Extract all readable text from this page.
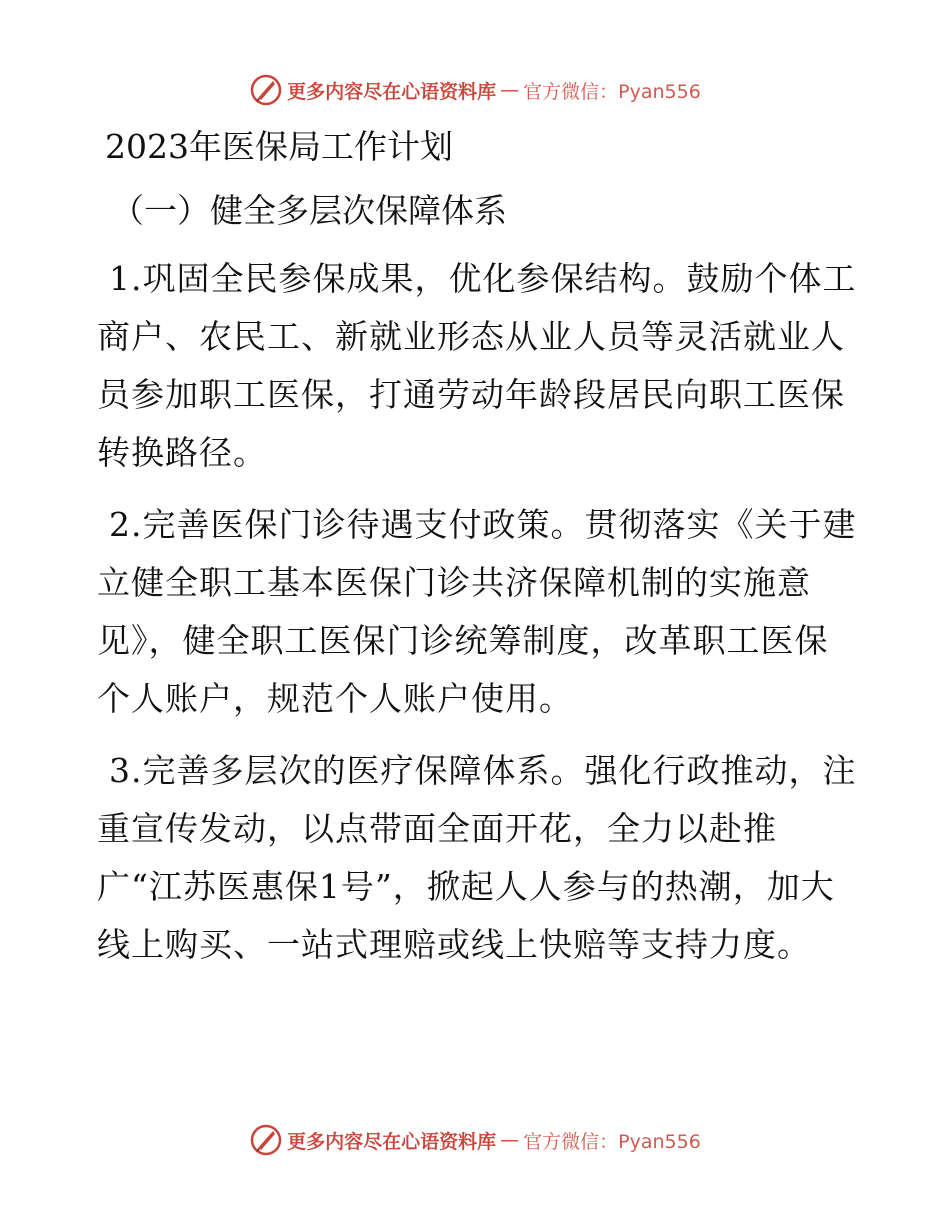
更多内容尽在心语资料库 — 官方微信：Pyan556
2023年医保局工作计划
（一）健全多层次保障体系

1.巩固全民参保成果，优化参保结构。鼓励个体工商户、农民工、新就业形态从业人员等灵活就业人员参加职工医保，打通劳动年龄段居民向职工医保转换路径。

2.完善医保门诊待遇支付政策。贯彻落实《关于建立健全职工基本医保门诊共济保障机制的实施意见》，健全职工医保门诊统筹制度，改革职工医保个人账户，规范个人账户使用。

3.完善多层次的医疗保障体系。强化行政推动，注重宣传发动，以点带面全面开花，全力以赴推广“江苏医惠保1号”，掀起人人参与的热潮，加大线上购买、一站式理赔或线上快赔等支持力度。

更多内容尽在心语资料库 — 官方微信：Pyan556
